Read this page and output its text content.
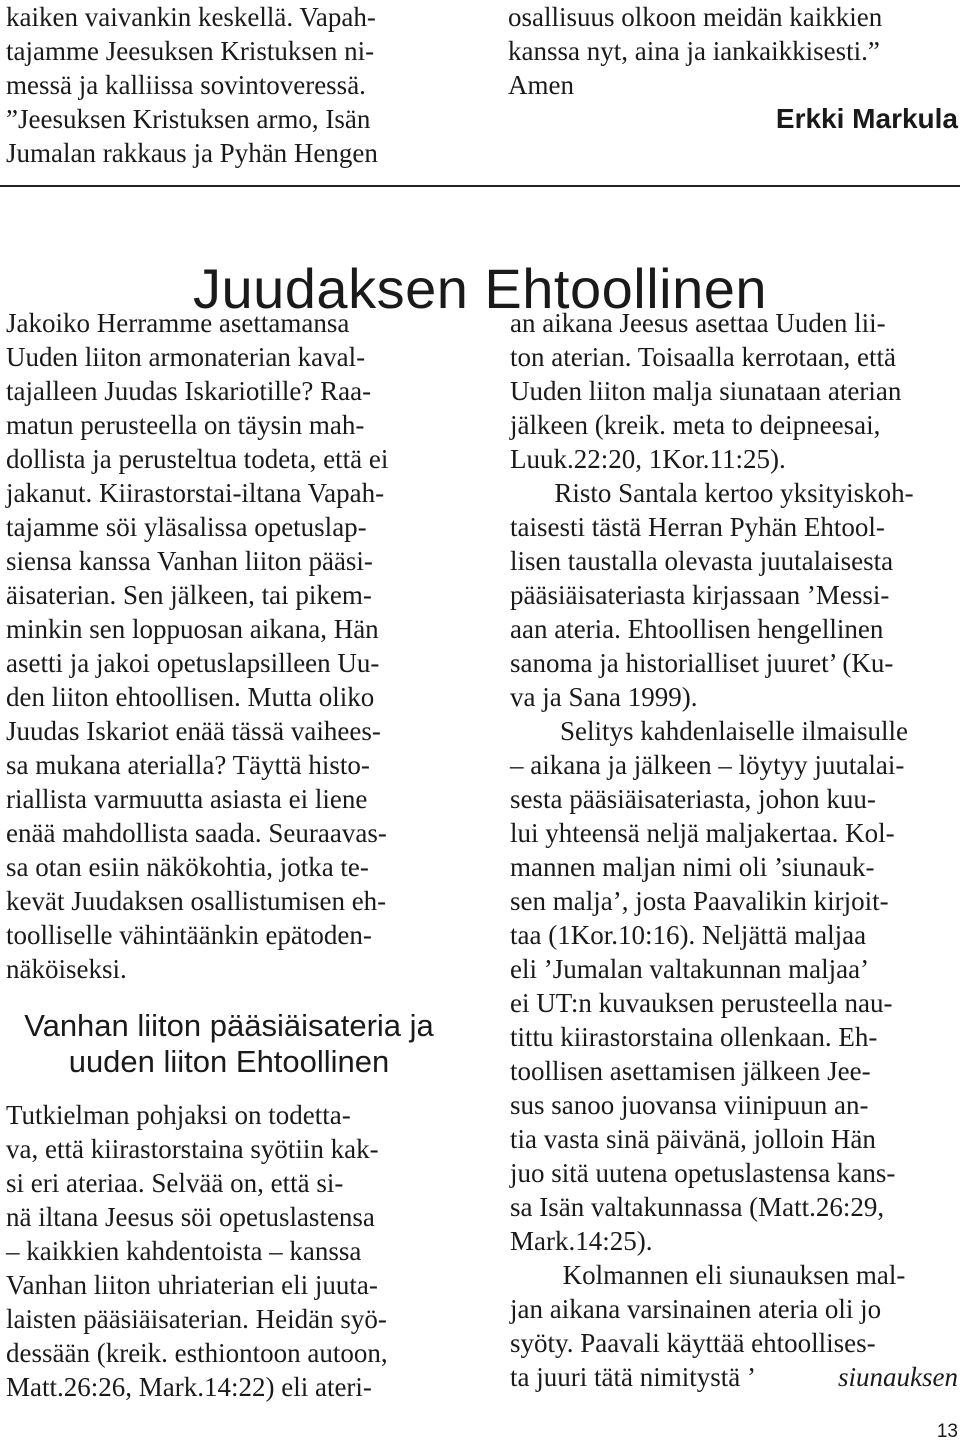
kaiken vaivankin keskellä. Vapah-
tajamme Jeesuksen Kristuksen ni-
messä ja kalliissa sovintoveressä.
”Jeesuksen Kristuksen armo, Isän
Jumalan rakkaus ja Pyhän Hengen
osallisuus olkoon meidän kaikkien
kanssa nyt, aina ja iankaikkisesti.”
Amen
Erkki Markula
Juudaksen Ehtoollinen
Jakoiko Herramme asettamansa
Uuden liiton armonaterian kaval-
tajalleen Juudas Iskariotille? Raa-
matun perusteella on täysin mah-
dollista ja perusteltua todeta, että ei
jakanut. Kiirastorstai-iltana Vapah-
tajamme söi yläsalissa opetuslap-
siensa kanssa Vanhan liiton pääsi-
äisaterian. Sen jälkeen, tai pikem-
minkin sen loppuosan aikana, Hän
asetti ja jakoi opetuslapsilleen Uu-
den liiton ehtoollisen. Mutta oliko
Juudas Iskariot enää tässä vaihees-
sa mukana aterialla? Täyttä histo-
riallista varmuutta asiasta ei liene
enää mahdollista saada. Seuraavas-
sa otan esiin näkökohtia, jotka te-
kevät Juudaksen osallistumisen eh-
toolliselle vähintäänkin epätoden-
näköiseksi.
Vanhan liiton pääsiäisateria ja
uuden liiton Ehtoollinen
Tutkielman pohjaksi on todetta-
va, että kiirastorstaina syötiin kak-
si eri ateriaa. Selvää on, että si-
nä iltana Jeesus söi opetuslastensa
– kaikkien kahdentoista – kanssa
Vanhan liiton uhriaterian eli juuta-
laisten pääsiäisaterian. Heidän syö-
dessään (kreik. esthiontoon autoon,
Matt.26:26, Mark.14:22) eli ateri-
an aikana Jeesus asettaa Uuden lii-
ton aterian. Toisaalla kerrotaan, että
Uuden liiton malja siunataan aterian
jälkeen (kreik. meta to deipneesai,
Luuk.22:20, 1Kor.11:25).
Risto Santala kertoo yksityiskoh-
taisesti tästä Herran Pyhän Ehtool-
lisen taustalla olevasta juutalaisesta
pääsiäisateriasta kirjassaan ’Messi-
aan ateria. Ehtoollisen hengellinen
sanoma ja historialliset juuret’ (Ku-
va ja Sana 1999).
Selitys kahdenlaiselle ilmaisulle
– aikana ja jälkeen – löytyy juutalai-
sesta pääsiäisateriasta, johon kuu-
lui yhteensä neljä maljakertaa. Kol-
mannen maljan nimi oli ’siunauk-
sen malja’, josta Paavalikin kirjoit-
taa (1Kor.10:16). Neljättä maljaa
eli ’Jumalan valtakunnan maljaa’
ei UT:n kuvauksen perusteella nau-
tittu kiirastorstaina ollenkaan. Eh-
toollisen asettamisen jälkeen Jee-
sus sanoo juovansa viinipuun an-
tia vasta sinä päivänä, jolloin Hän
juo sitä uutena opetuslastensa kans-
sa Isän valtakunnassa (Matt.26:29,
Mark.14:25).
Kolmannen eli siunauksen mal-
jan aikana varsinainen ateria oli jo
syöty. Paavali käyttää ehtoollises-
ta juuri tätä nimitystä ’	siunauksen
13
